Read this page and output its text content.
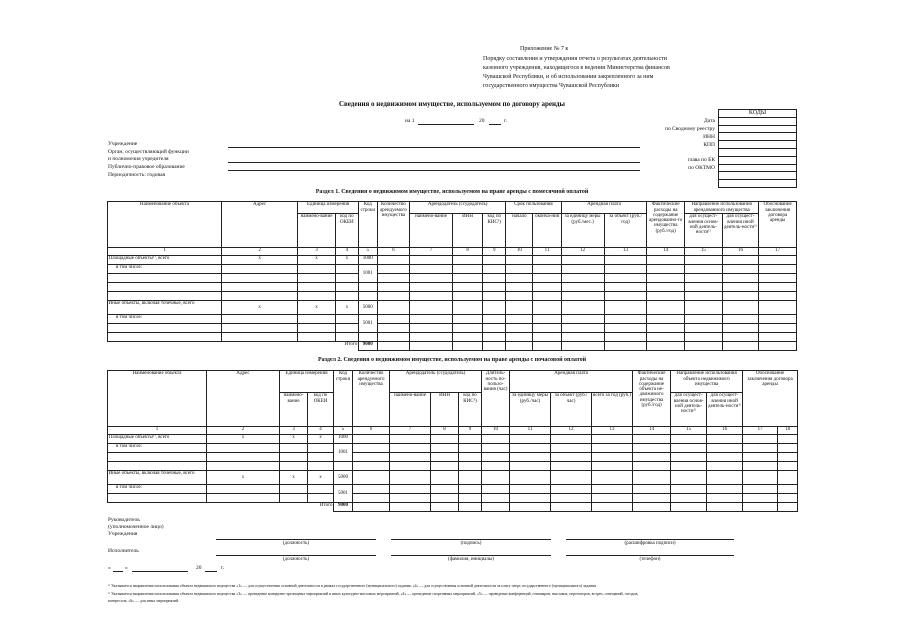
Приложение № 7 к
Порядку составления и утверждения отчета о результатах деятельности
казенного учреждения, находящегося в ведении Министерства финансов
Чувашской Республики, и об использовании закрепленного за ним
государственного имущества Чувашской Республики
Сведения о недвижимом имуществе, используемом по договору аренды
на 1	20	г.
КОДЫ

Дата
по Сводному реестру
ИНН
КПП
глава по БК
по ОКТМО
Учреждение
Орган, осуществляющий функции
и полномочия учредителя
Публично-правовое образование
Периодичность: годовая
Раздел 1. Сведения о недвижимом имуществе, используемом на праве аренды с помесячной оплатой
Наименование объекта	Адрес	Единица измерения		Код строки	Количество арендуемого имущества	Арендодатель (ссудодатель)			Срок пользования		Арендная плата		Фактические расходы на содержание арендованно-го имущества (руб./год)	Направление использования арендованного имущества		Обоснование заключения договора аренды
		наимено-вание	код по ОКЕИ			наимено-вание	ИНН	код по КИС³)	начало	оконча-ния	за единицу меры (руб./мес.)	за объект (руб./год)		для осущест-вления основ-ной деятель-ности¹⁾	для осущест-вления иной деятель-ности¹⁾	
1	2	3	4	5	6	7	8	9	10	11	12	13	14	15	16	17
Площадные объекты¹⁾, всего	x	x	x	1000												
в том числе:				1001												

Иные объекты, включая точечные, всего	x	x	x	5000												
в том числе:				5001												

			Итого	9000												
Раздел 2. Сведения о недвижимом имуществе, используемом на праве аренды с почасовой оплатой
Наименование объекта	Адрес	Единица измерения		Код строки	Количество арендуемого имущества	Арендодатель (ссудодатель)			Длитель-ность по-пользо-вания (час)	Арендная плата			Фактические расходы на содержание объекта не-движимого имущества (руб./год)	Направление использования объекта недвижимого имущества		Обоснование заключения договора аренды	
		наимено-вание	код по ОКЕИ			наимено-вание	ИНН	код по КИС³)		за единицу меры (руб./час)	за объект (руб./час)	всего за год (руб.)		для осущест-вления основ-ной деятель-ности¹⁾	для осущест-вления иной деятель-ности¹⁾		
1	2	3	4	5	6	7	8	9	10	11	12	13	14	15	16	17	18
Площадные объекты¹⁾, всего	x	x	x	1000													
в том числе:				1001													

Иные объекты, включая точечные, всего	x	x	x	5000													
в том числе:				5001													

			Итого	9000													
Руководитель
(уполномоченное лицо)
Учреждения
(должность)	(подпись)	(расшифровка подписи)
Исполнитель
(должность)	(фамилия, инициалы)	(телефон)
«	»	20	г.
¹⁾ Указывается направление использования объекта недвижимого имущества «1» — для осуществления основной деятельности в рамках государственного (муниципального) задания, «2» — для осуществления основной деятельности за плату сверх государственного (муниципального) задания
²⁾ Указывается направление использования объекта недвижимого имущества «3» — проведение концертно-зрелищных мероприятий и иных культурно-массовых мероприятий, «4» — проведение спортивных мероприятий, «5» — проведение конференций, семинаров, выставок, переговоров, встреч, совещаний, съездов,
конгрессов, «6» — для иных мероприятий.
